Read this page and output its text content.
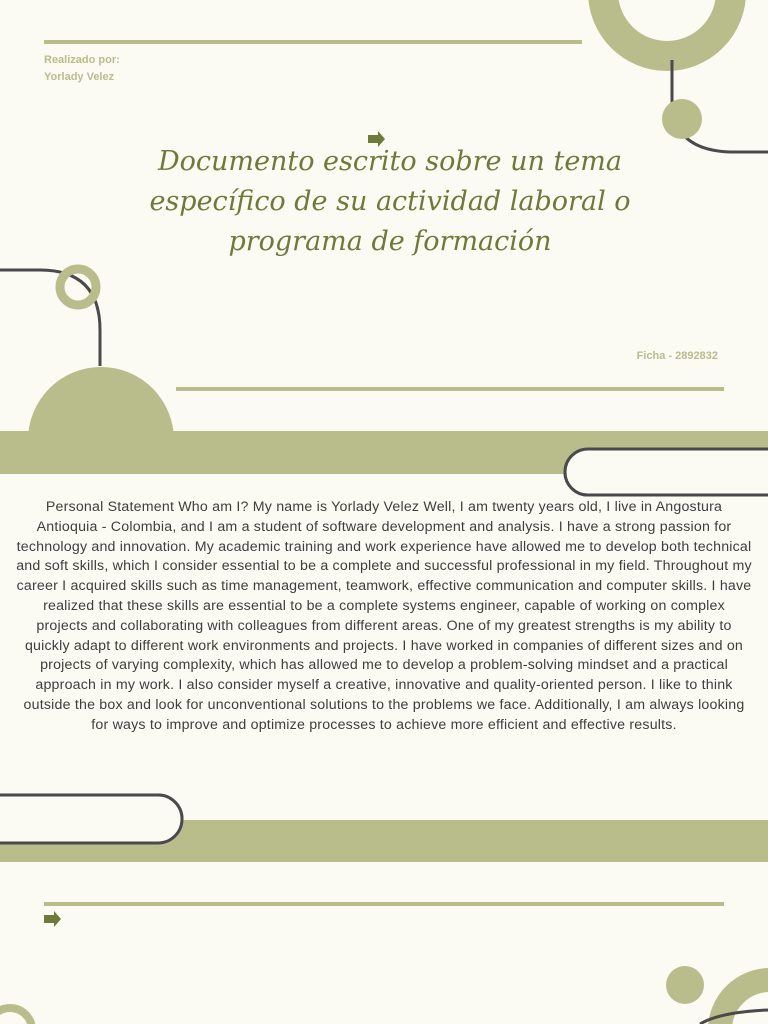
Realizado por:
Yorlady Velez
Documento escrito sobre un tema específico de su actividad laboral o programa de formación
Ficha - 2892832
Personal Statement Who am I? My name is Yorlady Velez Well, I am twenty years old, I live in Angostura Antioquia - Colombia, and I am a student of software development and analysis. I have a strong passion for technology and innovation. My academic training and work experience have allowed me to develop both technical and soft skills, which I consider essential to be a complete and successful professional in my field. Throughout my career I acquired skills such as time management, teamwork, effective communication and computer skills. I have realized that these skills are essential to be a complete systems engineer, capable of working on complex projects and collaborating with colleagues from different areas. One of my greatest strengths is my ability to quickly adapt to different work environments and projects. I have worked in companies of different sizes and on projects of varying complexity, which has allowed me to develop a problem-solving mindset and a practical approach in my work. I also consider myself a creative, innovative and quality-oriented person. I like to think outside the box and look for unconventional solutions to the problems we face. Additionally, I am always looking for ways to improve and optimize processes to achieve more efficient and effective results.
